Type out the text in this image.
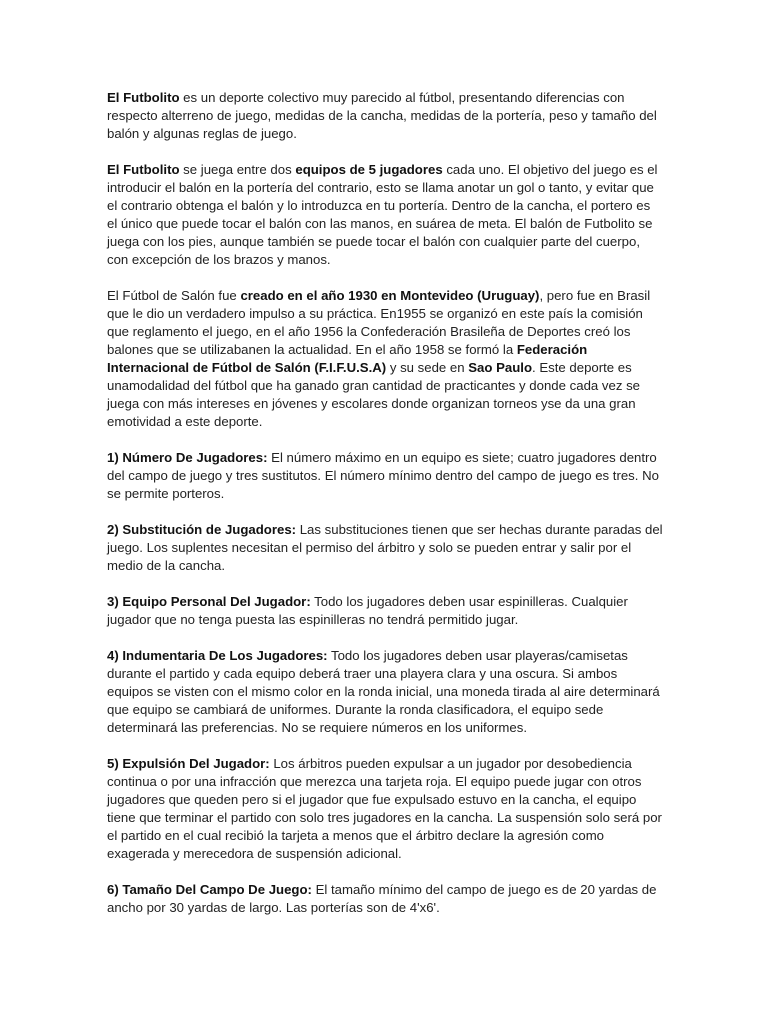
El Futbolito es un deporte colectivo muy parecido al fútbol, presentando diferencias con respecto alterreno de juego, medidas de la cancha, medidas de la portería, peso y tamaño del balón y algunas reglas de juego.

El Futbolito se juega entre dos equipos de 5 jugadores cada uno. El objetivo del juego es el introducir el balón en la portería del contrario, esto se llama anotar un gol o tanto, y evitar que el contrario obtenga el balón y lo introduzca en tu portería. Dentro de la cancha, el portero es el único que puede tocar el balón con las manos, en suárea de meta. El balón de Futbolito se juega con los pies, aunque también se puede tocar el balón con cualquier parte del cuerpo, con excepción de los brazos y manos.

El Fútbol de Salón fue creado en el año 1930 en Montevideo (Uruguay), pero fue en Brasil que le dio un verdadero impulso a su práctica. En1955 se organizó en este país la comisión que reglamento el juego, en el año 1956 la Confederación Brasileña de Deportes creó los balones que se utilizabanen la actualidad. En el año 1958 se formó la Federación Internacional de Fútbol de Salón (F.I.F.U.S.A) y su sede en Sao Paulo. Este deporte es unamodalidad del fútbol que ha ganado gran cantidad de practicantes y donde cada vez se juega con más intereses en jóvenes y escolares donde organizan torneos yse da una gran emotividad a este deporte.

1) Número De Jugadores: El número máximo en un equipo es siete; cuatro jugadores dentro del campo de juego y tres sustitutos. El número mínimo dentro del campo de juego es tres. No se permite porteros.

2) Substitución de Jugadores: Las substituciones tienen que ser hechas durante paradas del juego. Los suplentes necesitan el permiso del árbitro y solo se pueden entrar y salir por el medio de la cancha.

3) Equipo Personal Del Jugador: Todo los jugadores deben usar espinilleras. Cualquier jugador que no tenga puesta las espinilleras no tendrá permitido jugar.

4) Indumentaria De Los Jugadores: Todo los jugadores deben usar playeras/camisetas durante el partido y cada equipo deberá traer una playera clara y una oscura. Si ambos equipos se visten con el mismo color en la ronda inicial, una moneda tirada al aire determinará que equipo se cambiará de uniformes. Durante la ronda clasificadora, el equipo sede determinará las preferencias. No se requiere números en los uniformes.

5) Expulsión Del Jugador: Los árbitros pueden expulsar a un jugador por desobediencia continua o por una infracción que merezca una tarjeta roja. El equipo puede jugar con otros jugadores que queden pero si el jugador que fue expulsado estuvo en la cancha, el equipo tiene que terminar el partido con solo tres jugadores en la cancha. La suspensión solo será por el partido en el cual recibió la tarjeta a menos que el árbitro declare la agresión como exagerada y merecedora de suspensión adicional.

6) Tamaño Del Campo De Juego: El tamaño mínimo del campo de juego es de 20 yardas de ancho por 30 yardas de largo. Las porterías son de 4'x6'.
